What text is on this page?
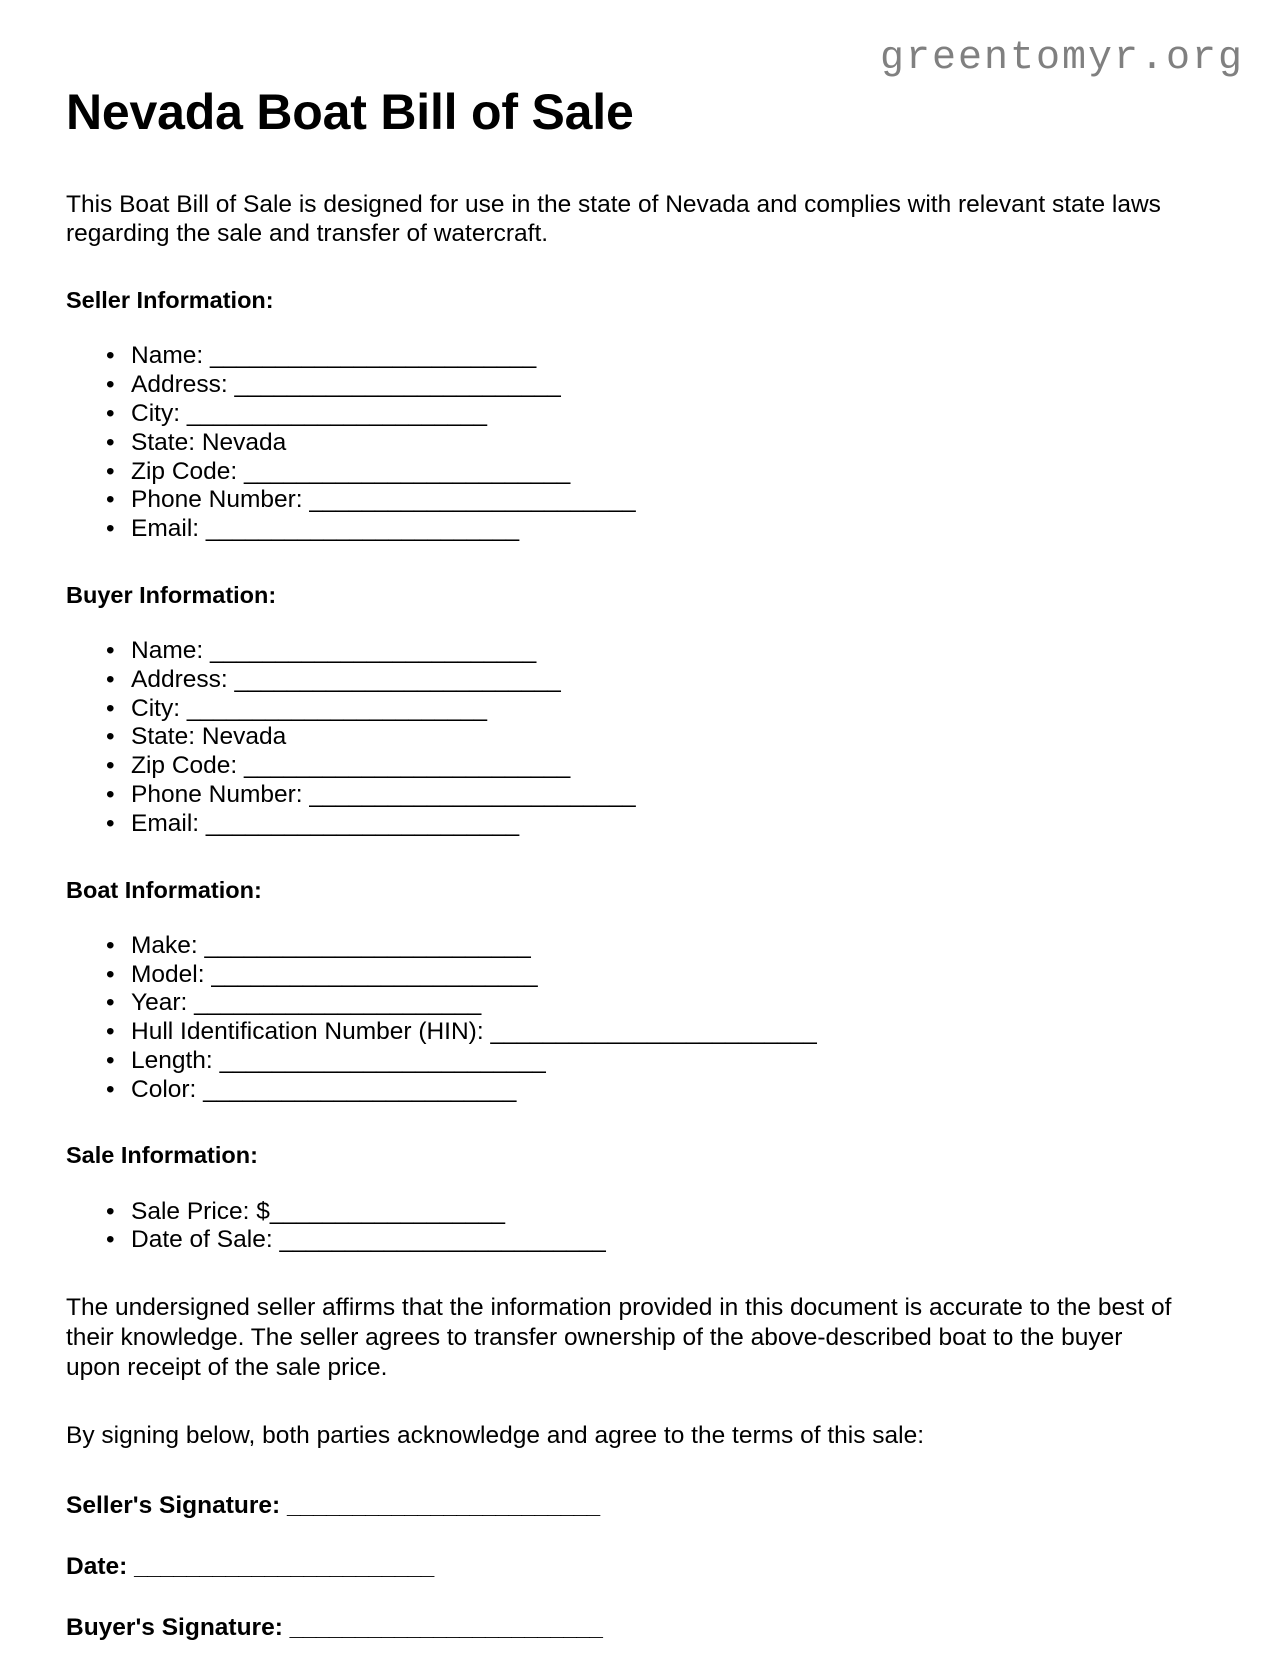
greentomyr.org
Nevada Boat Bill of Sale

This Boat Bill of Sale is designed for use in the state of Nevada and complies with relevant state laws regarding the sale and transfer of watercraft.

Seller Information:
• Name: _________________________
• Address: _________________________
• City: _______________________
• State: Nevada
• Zip Code: _________________________
• Phone Number: _________________________
• Email: ________________________
Buyer Information:
• Name: _________________________
• Address: _________________________
• City: _______________________
• State: Nevada
• Zip Code: _________________________
• Phone Number: _________________________
• Email: ________________________
Boat Information:
• Make: _________________________
• Model: _________________________
• Year: ______________________
• Hull Identification Number (HIN): _________________________
• Length: _________________________
• Color: ________________________
Sale Information:
• Sale Price: $__________________
• Date of Sale: _________________________

The undersigned seller affirms that the information provided in this document is accurate to the best of their knowledge. The seller agrees to transfer ownership of the above-described boat to the buyer upon receipt of the sale price.

By signing below, both parties acknowledge and agree to the terms of this sale:

Seller's Signature: ________________________
Date: _______________________
Buyer's Signature: ________________________
